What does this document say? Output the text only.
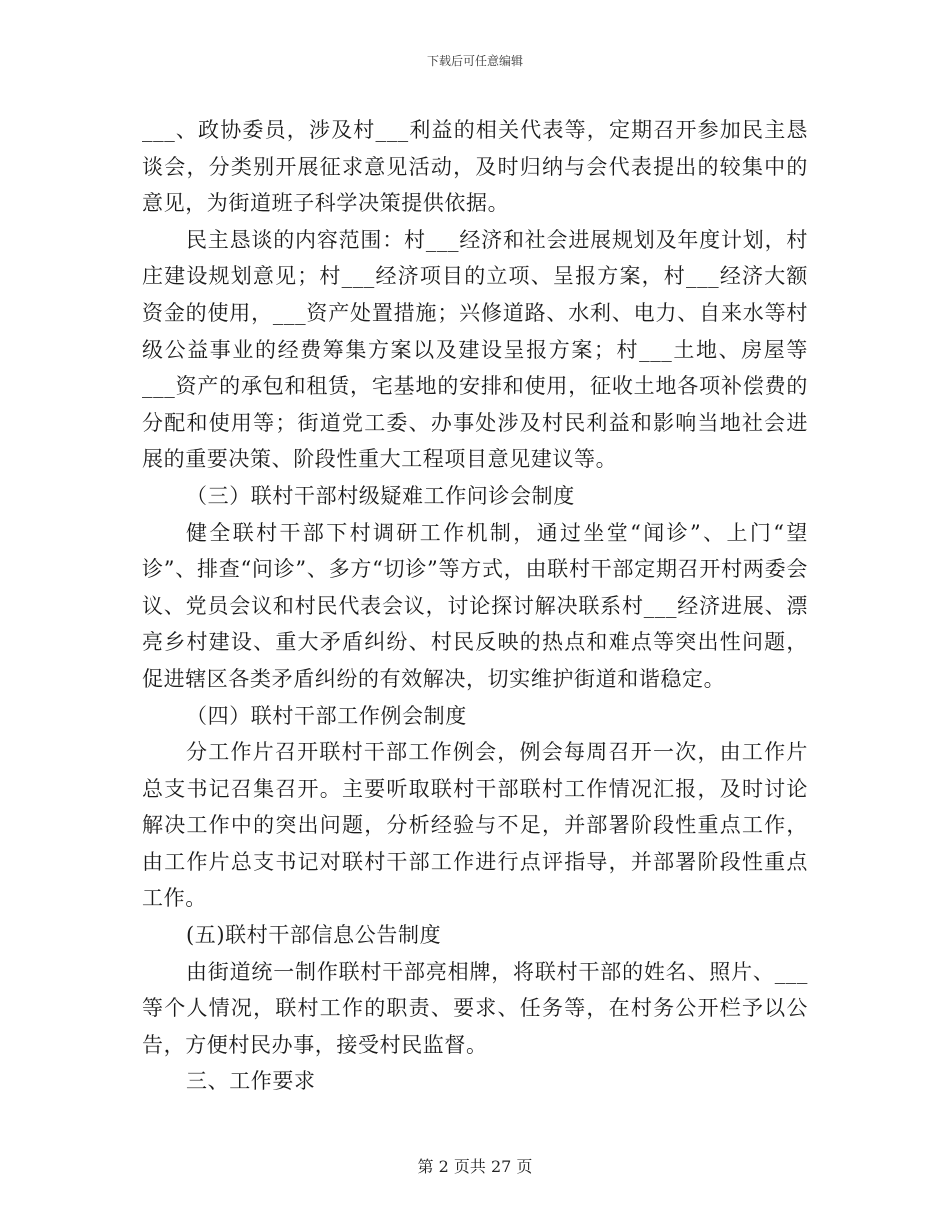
下载后可任意编辑

___、政协委员，涉及村___利益的相关代表等，定期召开参加民主恳谈会，分类别开展征求意见活动，及时归纳与会代表提出的较集中的意见，为街道班子科学决策提供依据。

民主恳谈的内容范围：村___经济和社会进展规划及年度计划，村庄建设规划意见；村___经济项目的立项、呈报方案，村___经济大额资金的使用，___资产处置措施；兴修道路、水利、电力、自来水等村级公益事业的经费筹集方案以及建设呈报方案；村___土地、房屋等___资产的承包和租赁，宅基地的安排和使用，征收土地各项补偿费的分配和使用等；街道党工委、办事处涉及村民利益和影响当地社会进展的重要决策、阶段性重大工程项目意见建议等。

（三）联村干部村级疑难工作问诊会制度

健全联村干部下村调研工作机制，通过坐堂“闻诊”、上门“望诊”、排查“问诊”、多方“切诊”等方式，由联村干部定期召开村两委会议、党员会议和村民代表会议，讨论探讨解决联系村___经济进展、漂亮乡村建设、重大矛盾纠纷、村民反映的热点和难点等突出性问题，促进辖区各类矛盾纠纷的有效解决，切实维护街道和谐稳定。

（四）联村干部工作例会制度

分工作片召开联村干部工作例会，例会每周召开一次，由工作片总支书记召集召开。主要听取联村干部联村工作情况汇报，及时讨论解决工作中的突出问题，分析经验与不足，并部署阶段性重点工作，由工作片总支书记对联村干部工作进行点评指导，并部署阶段性重点工作。

(五)联村干部信息公告制度

由街道统一制作联村干部亮相牌，将联村干部的姓名、照片、___等个人情况，联村工作的职责、要求、任务等，在村务公开栏予以公告，方便村民办事，接受村民监督。

三、工作要求

第 2 页共 27 页
